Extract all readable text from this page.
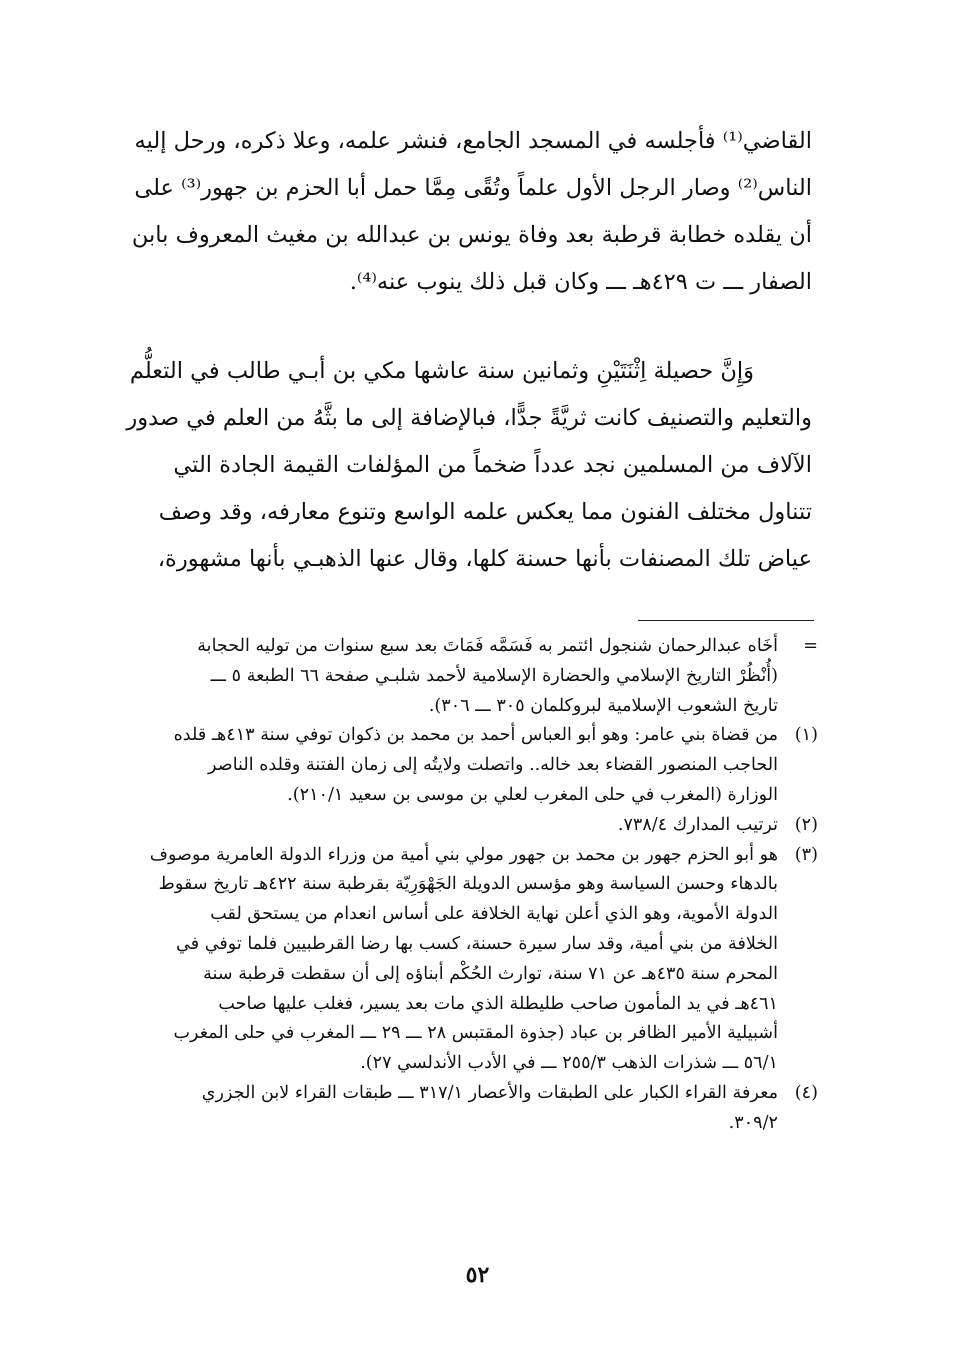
القاضي⁽¹⁾ فأجلسه في المسجد الجامع، فنشر علمه، وعلا ذكره، ورحل إليه
الناس⁽²⁾ وصار الرجل الأول علماً وتُقًى مِمَّا حمل أبا الحزم بن جهور⁽³⁾ على
أن يقلده خطابة قرطبة بعد وفاة يونس بن عبدالله بن مغيث المعروف بابن
الصفار ـــ ت ٤٢٩هـ ـــ وكان قبل ذلك ينوب عنه⁽⁴⁾.
وَإِنَّ حصيلة اِثْنَتَيْنِ وثمانين سنة عاشها مكي بن أبـي طالب في التعلُّم
والتعليم والتصنيف كانت ثريَّةً جدًّا، فبالإضافة إلى ما بثَّهُ من العلم في صدور
الآلاف من المسلمين نجد عدداً ضخماً من المؤلفات القيمة الجادة التي
تتناول مختلف الفنون مما يعكس علمه الواسع وتنوع معارفه، وقد وصف
عياض تلك المصنفات بأنها حسنة كلها، وقال عنها الذهبـي بأنها مشهورة،
=
أخَاه عبدالرحمان شنجول ائتمر به فَسَمَّه فَمَاتَ بعد سبع سنوات من توليه الحجابة
(أُنْظُرْ التاريخ الإسلامي والحضارة الإسلامية لأحمد شلبـي صفحة ٦٦ الطبعة ٥ ـــ
تاريخ الشعوب الإسلامية لبروكلمان ٣٠٥ ـــ ٣٠٦).
(١)
من قضاة بني عامر: وهو أبو العباس أحمد بن محمد بن ذكوان توفي سنة ٤١٣هـ قلده
الحاجب المنصور القضاء بعد خاله.. واتصلت ولايتُه إلى زمان الفتنة وقلده الناصر
الوزارة (المغرب في حلى المغرب لعلي بن موسى بن سعيد ٢١٠/١).
(٢)
ترتيب المدارك ٧٣٨/٤.
(٣)
هو أبو الحزم جهور بن محمد بن جهور مولي بني أمية من وزراء الدولة العامرية موصوف
بالدهاء وحسن السياسة وهو مؤسس الدويلة الجَهْوَرِيّة بقرطبة سنة ٤٢٢هـ تاريخ سقوط
الدولة الأموية، وهو الذي أعلن نهاية الخلافة على أساس انعدام من يستحق لقب
الخلافة من بني أمية، وقد سار سيرة حسنة، كسب بها رضا القرطبيين فلما توفي في
المحرم سنة ٤٣٥هـ عن ٧١ سنة، توارث الحُكْم أبناؤه إلى أن سقطت قرطبة سنة
٤٦١هـ في يد المأمون صاحب طليطلة الذي مات بعد يسير، فغلب عليها صاحب
أشبيلية الأمير الظافر بن عباد (جذوة المقتبس ٢٨ ـــ ٢٩ ـــ المغرب في حلى المغرب
٥٦/١ ـــ شذرات الذهب ٢٥٥/٣ ـــ في الأدب الأندلسي ٢٧).
(٤)
معرفة القراء الكبار على الطبقات والأعصار ٣١٧/١ ـــ طبقات القراء لابن الجزري
٣٠٩/٢.
٥٢
